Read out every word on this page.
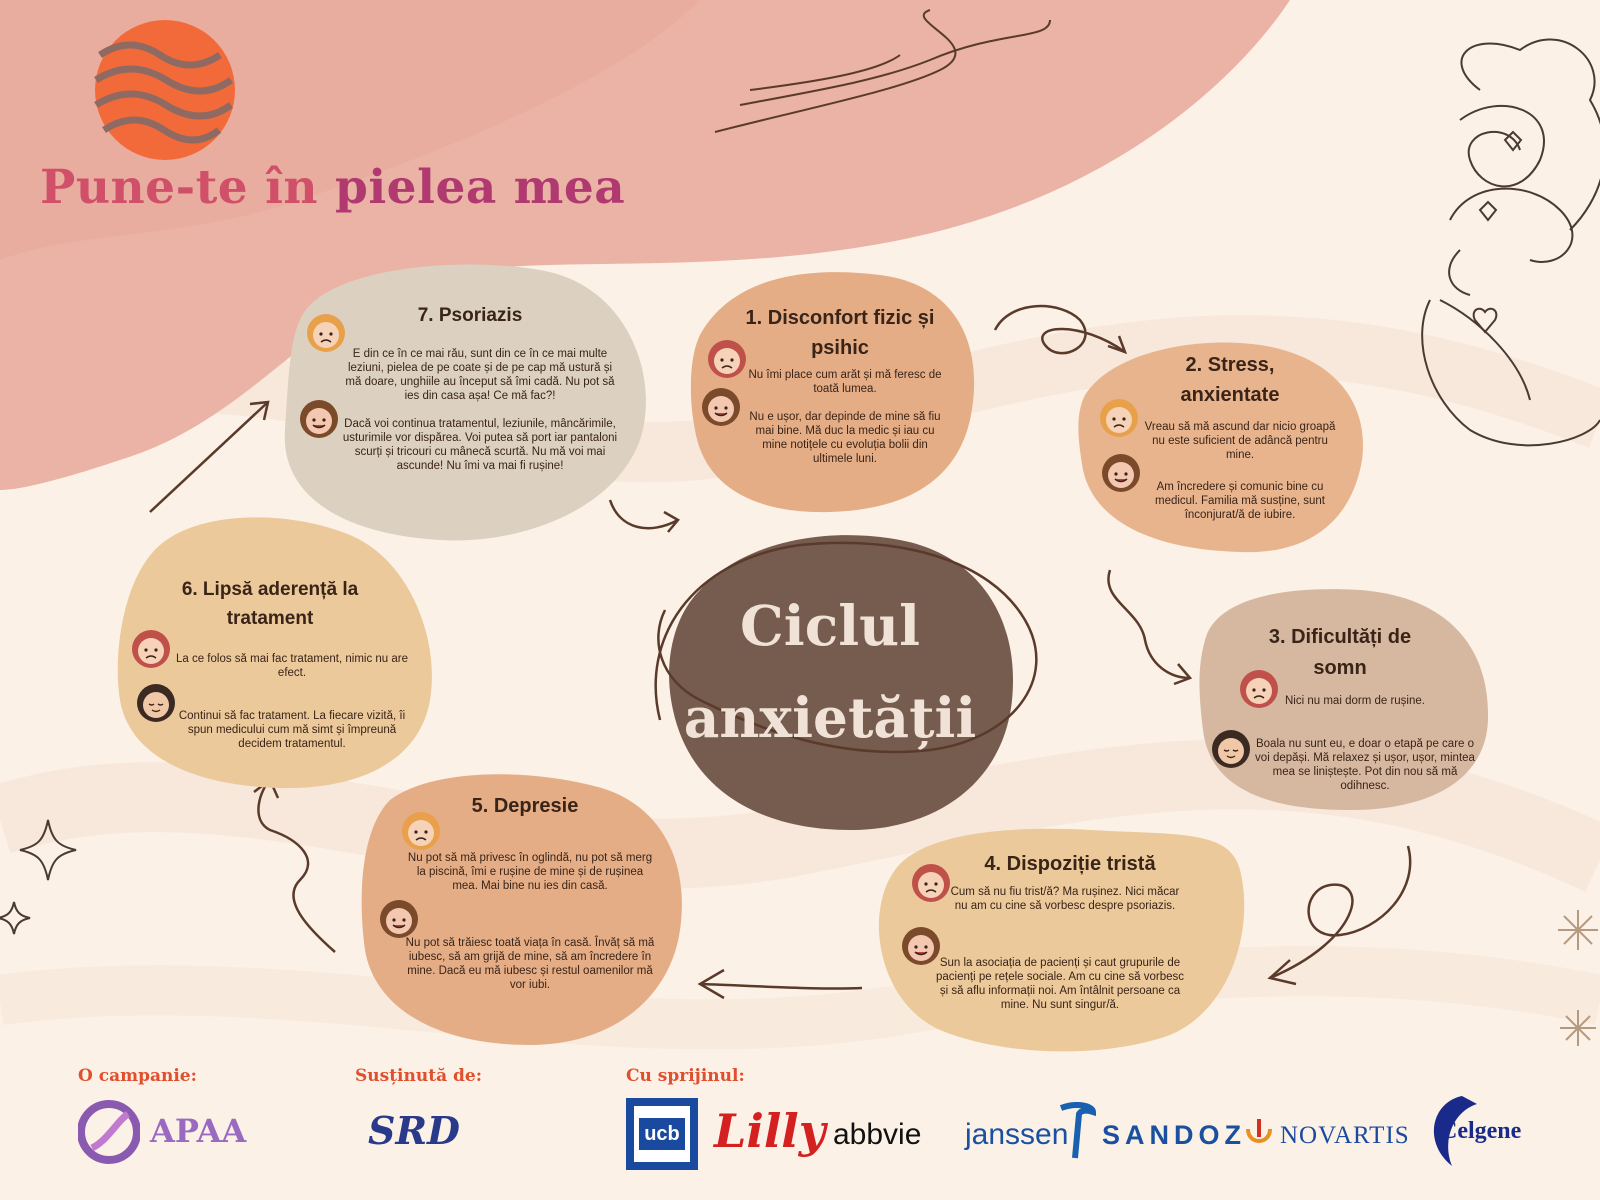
Pune-te în pielea mea
Ciclul
anxietății
7. Psoriazis
E din ce în ce mai rău, sunt din ce în ce mai multe leziuni, pielea de pe coate și de pe cap mă ustură și mă doare, unghiile au început să îmi cadă. Nu pot să ies din casa așa! Ce mă fac?!
Dacă voi continua tratamentul, leziunile, mâncărimile, usturimile vor dispărea. Voi putea să port iar pantaloni scurți și tricouri cu mânecă scurtă. Nu mă voi mai ascunde! Nu îmi va mai fi rușine!
1. Disconfort fizic și psihic
Nu îmi place cum arăt și mă feresc de toată lumea.
Nu e ușor, dar depinde de mine să fiu mai bine. Mă duc la medic și iau cu mine notițele cu evoluția bolii din ultimele luni.
2. Stress, anxientate
Vreau să mă ascund dar nicio groapă nu este suficient de adâncă pentru mine.
Am încredere și comunic bine cu medicul. Familia mă susține, sunt înconjurat/ă de iubire.
3. Dificultăți de somn
Nici nu mai dorm de rușine.
Boala nu sunt eu, e doar o etapă pe care o voi depăși. Mă relaxez și ușor, ușor, mintea mea se liniștește. Pot din nou să mă odihnesc.
4. Dispoziție tristă
Cum să nu fiu trist/ă? Ma rușinez. Nici măcar nu am cu cine să vorbesc despre psoriazis.
Sun la asociația de pacienți și caut grupurile de pacienți pe rețele sociale. Am cu cine să vorbesc și să aflu informații noi. Am întâlnit persoane ca mine. Nu sunt singur/ă.
5. Depresie
Nu pot să mă privesc în oglindă, nu pot să merg la piscină, îmi e rușine de mine și de rușinea mea. Mai bine nu ies din casă.
Nu pot să trăiesc toată viața în casă. Învăț să mă iubesc, să am grijă de mine, să am încredere în mine. Dacă eu mă iubesc și restul oamenilor mă vor iubi.
6. Lipsă aderență la tratament
La ce folos să mai fac tratament, nimic nu are efect.
Continui să fac tratament. La fiecare vizită, îi spun medicului cum mă simt și împreună decidem tratamentul.
O campanie:	Susținută de:	Cu sprijinul:
APAA	SRD	ucb Lilly abbvie janssen SANDOZ NOVARTIS Celgene
